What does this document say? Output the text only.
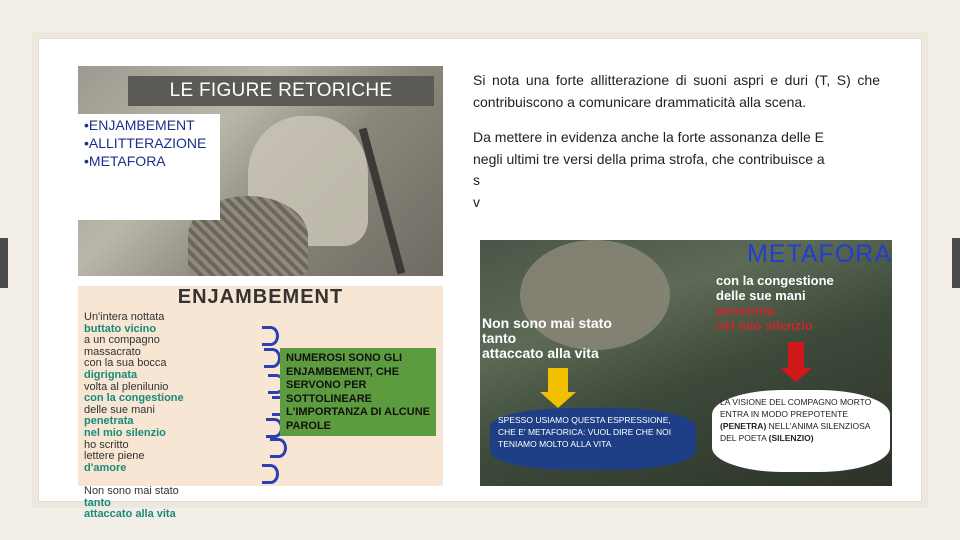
LE FIGURE RETORICHE
•ENJAMBEMENT
•ALLITTERAZIONE
•METAFORA
ENJAMBEMENT
Un'intera nottata
buttato vicino
a un compagno
massacrato
con la sua bocca
digrignata
volta al plenilunio
con la congestione
delle sue mani
penetrata
nel mio silenzio
ho scritto
lettere piene
d'amore

Non sono mai stato
tanto
attaccato alla vita
NUMEROSI SONO GLI ENJAMBEMENT, CHE SERVONO PER SOTTOLINEARE L'IMPORTANZA DI ALCUNE PAROLE

Si nota una forte allitterazione di suoni aspri e duri (T, S) che contribuiscono a comunicare drammaticità alla scena.

Da mettere in evidenza anche la forte assonanza delle E
negli ultimi tre versi della prima strofa, che contribuisce a
s
v
METAFORA
con la congestione
delle sue mani
penetrata
nel mio silenzio
Non sono mai stato
tanto
attaccato alla vita
SPESSO USIAMO QUESTA ESPRESSIONE, CHE E' METAFORICA: VUOL DIRE CHE NOI TENIAMO MOLTO ALLA VITA
LA VISIONE DEL COMPAGNO MORTO ENTRA IN MODO PREPOTENTE (PENETRA) NELL'ANIMA SILENZIOSA DEL POETA (SILENZIO)
